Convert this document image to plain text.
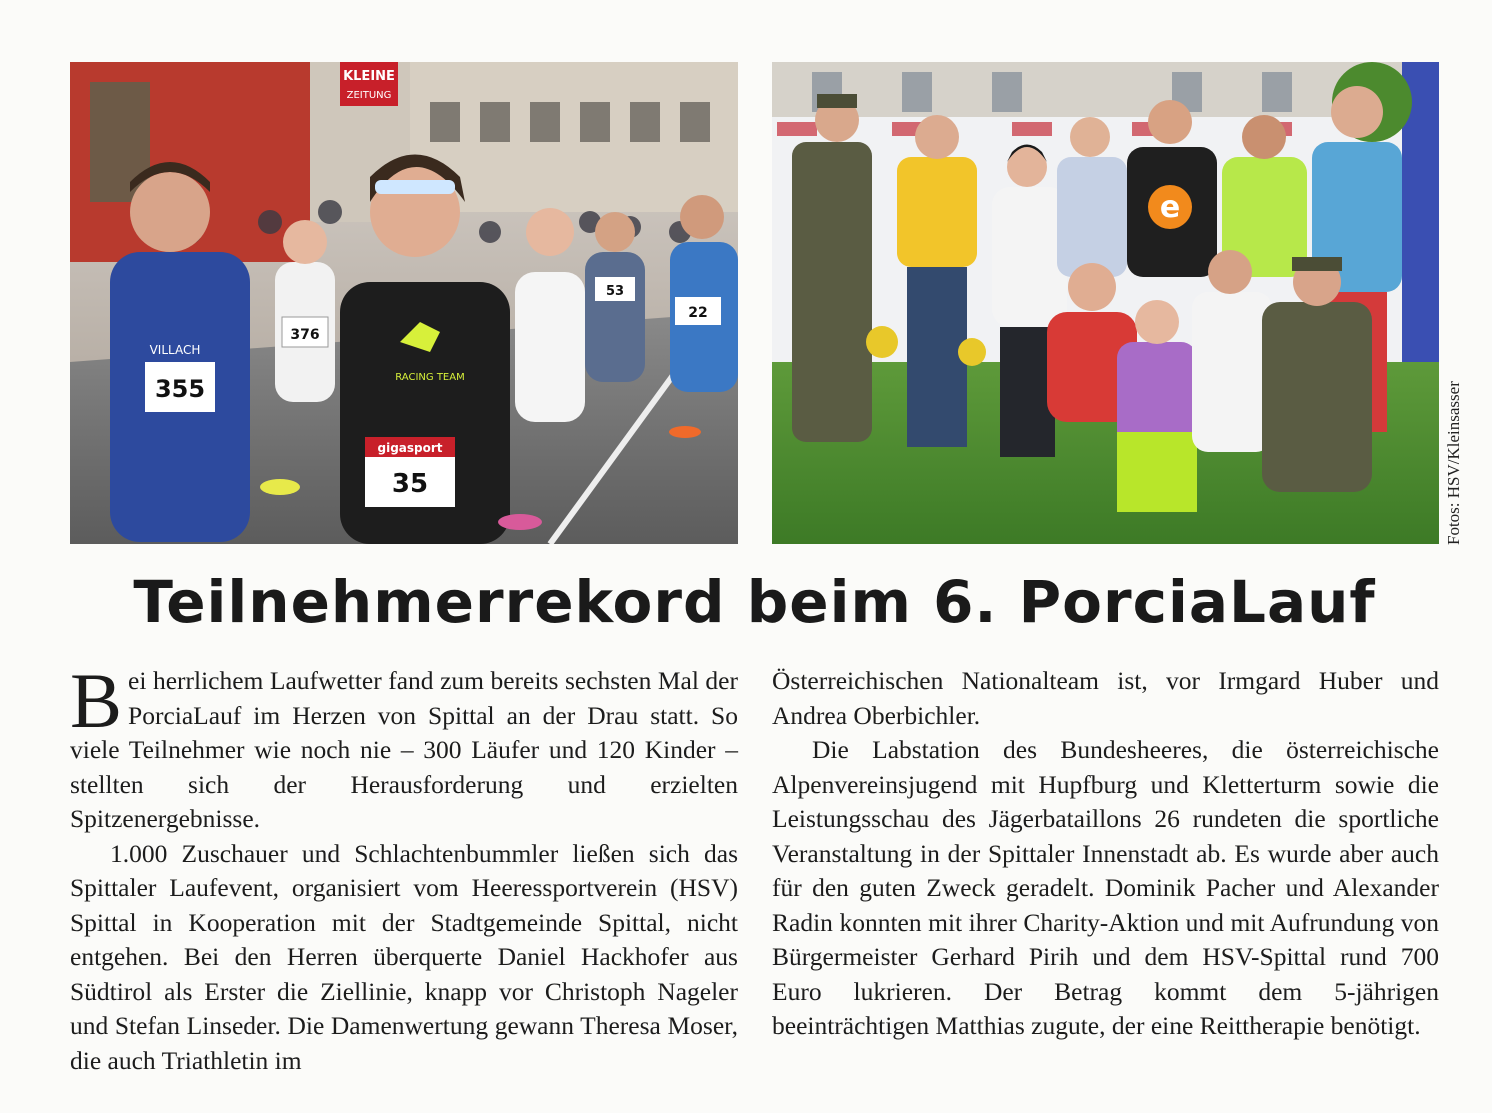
KLEINE
ZEITUNG
355
VILLACH
gigasport
35
RACING TEAM
376
53
22
e
Fotos: HSV/Kleinsasser
Teilnehmerrekord beim 6. PorciaLauf

Bei herrlichem Laufwetter fand zum bereits sechsten Mal der PorciaLauf im Herzen von Spittal an der Drau statt. So viele Teilnehmer wie noch nie – 300 Läufer und 120 Kinder – stellten sich der Herausforderung und erzielten Spitzenergebnisse.

1.000 Zuschauer und Schlachtenbummler ließen sich das Spittaler Laufevent, organisiert vom Heeressportverein (HSV) Spittal in Kooperation mit der Stadtgemeinde Spittal, nicht entgehen. Bei den Herren überquerte Daniel Hackhofer aus Südtirol als Erster die Ziellinie, knapp vor Christoph Nageler und Stefan Linseder. Die Damenwertung gewann Theresa Moser, die auch Triathletin im

Österreichischen Nationalteam ist, vor Irmgard Huber und Andrea Oberbichler.

Die Labstation des Bundesheeres, die österreichische Alpenvereinsjugend mit Hupfburg und Kletterturm sowie die Leistungsschau des Jägerbataillons 26 rundeten die sportliche Veranstaltung in der Spittaler Innenstadt ab. Es wurde aber auch für den guten Zweck geradelt. Dominik Pacher und Alexander Radin konnten mit ihrer Charity-Aktion und mit Aufrundung von Bürgermeister Gerhard Pirih und dem HSV-Spittal rund 700 Euro lukrieren. Der Betrag kommt dem 5-jährigen beeinträchtigen Matthias zugute, der eine Reittherapie benötigt.
